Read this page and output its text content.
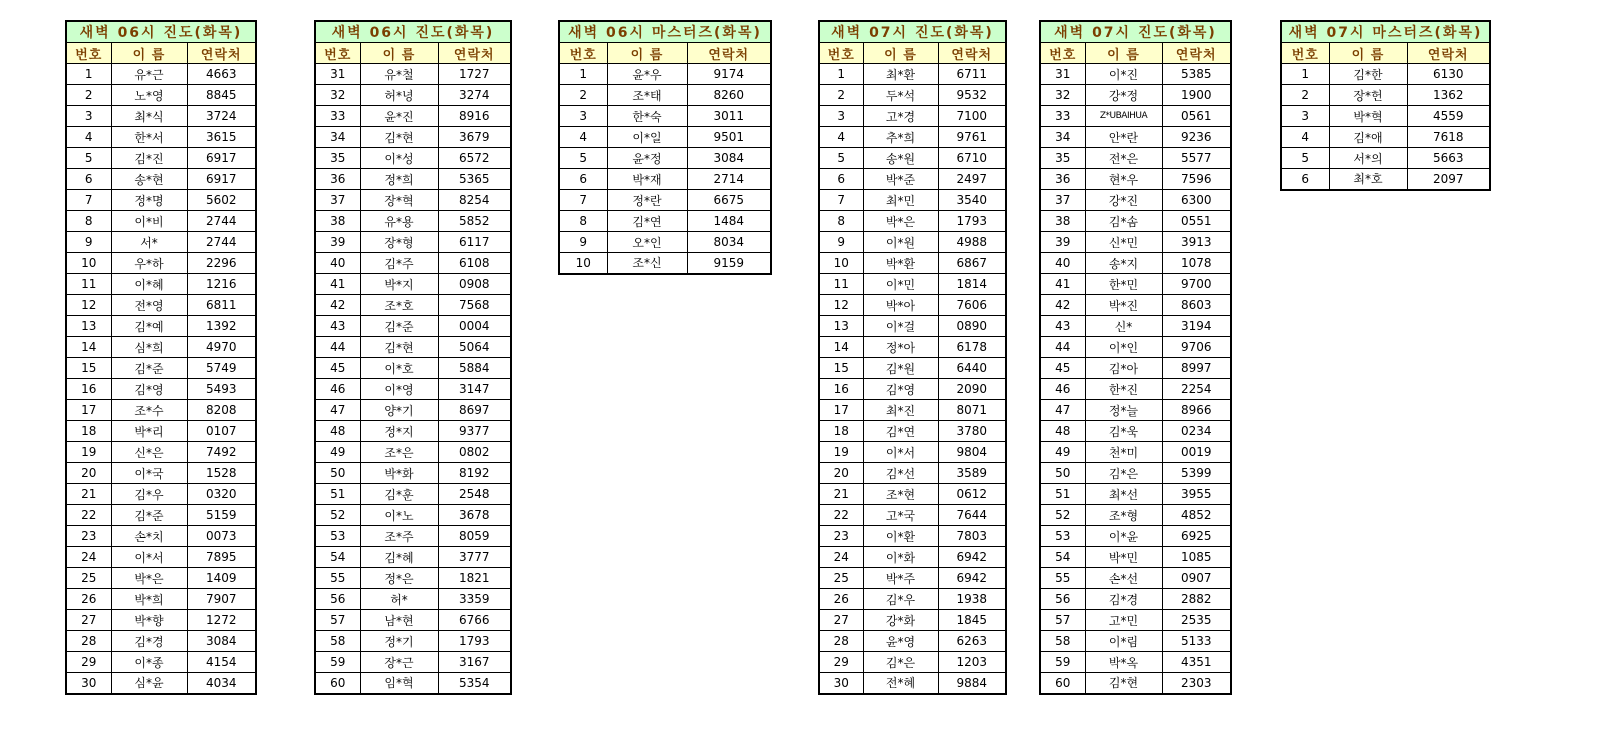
새벽 06시 진도(화목)		
번호	이 름	연락처
1	유*근	4663
2	노*영	8845
3	최*식	3724
4	한*서	3615
5	김*진	6917
6	송*현	6917
7	정*명	5602
8	이*비	2744
9	서*	2744
10	우*하	2296
11	이*혜	1216
12	전*영	6811
13	김*예	1392
14	심*희	4970
15	김*준	5749
16	김*영	5493
17	조*수	8208
18	박*리	0107
19	신*은	7492
20	이*국	1528
21	김*우	0320
22	김*준	5159
23	손*치	0073
24	이*서	7895
25	박*은	1409
26	박*희	7907
27	박*향	1272
28	김*경	3084
29	이*종	4154
30	심*윤	4034
새벽 06시 진도(화목)		
번호	이 름	연락처
31	유*철	1727
32	허*녕	3274
33	윤*진	8916
34	김*현	3679
35	이*성	6572
36	정*희	5365
37	장*혁	8254
38	유*용	5852
39	장*형	6117
40	김*주	6108
41	박*지	0908
42	조*호	7568
43	김*준	0004
44	김*현	5064
45	이*호	5884
46	이*영	3147
47	양*기	8697
48	정*지	9377
49	조*은	0802
50	박*화	8192
51	김*훈	2548
52	이*노	3678
53	조*주	8059
54	김*혜	3777
55	정*은	1821
56	허*	3359
57	남*현	6766
58	정*기	1793
59	장*근	3167
60	임*혁	5354
새벽 06시 마스터즈(화목)		
번호	이 름	연락처
1	윤*우	9174
2	조*태	8260
3	한*숙	3011
4	이*일	9501
5	윤*정	3084
6	박*재	2714
7	정*란	6675
8	김*연	1484
9	오*인	8034
10	조*신	9159
새벽 07시 진도(화목)		
번호	이 름	연락처
1	최*환	6711
2	두*석	9532
3	고*경	7100
4	추*희	9761
5	송*원	6710
6	박*준	2497
7	최*민	3540
8	박*은	1793
9	이*원	4988
10	박*환	6867
11	이*민	1814
12	박*아	7606
13	이*걸	0890
14	정*아	6178
15	김*원	6440
16	김*영	2090
17	최*진	8071
18	김*연	3780
19	이*서	9804
20	김*선	3589
21	조*현	0612
22	고*국	7644
23	이*환	7803
24	이*화	6942
25	박*주	6942
26	김*우	1938
27	강*화	1845
28	윤*영	6263
29	김*은	1203
30	전*혜	9884
새벽 07시 진도(화목)		
번호	이 름	연락처
31	이*진	5385
32	강*정	1900
33	Z*UBAIHUA	0561
34	안*란	9236
35	전*은	5577
36	현*우	7596
37	강*진	6300
38	김*솜	0551
39	신*민	3913
40	송*지	1078
41	한*민	9700
42	박*진	8603
43	신*	3194
44	이*인	9706
45	김*아	8997
46	한*진	2254
47	정*늘	8966
48	김*욱	0234
49	천*미	0019
50	김*은	5399
51	최*선	3955
52	조*형	4852
53	이*윤	6925
54	박*민	1085
55	손*선	0907
56	김*경	2882
57	고*민	2535
58	이*림	5133
59	박*옥	4351
60	김*현	2303
새벽 07시 마스터즈(화목)		
번호	이 름	연락처
1	김*한	6130
2	장*헌	1362
3	박*혁	4559
4	김*애	7618
5	서*의	5663
6	최*호	2097
